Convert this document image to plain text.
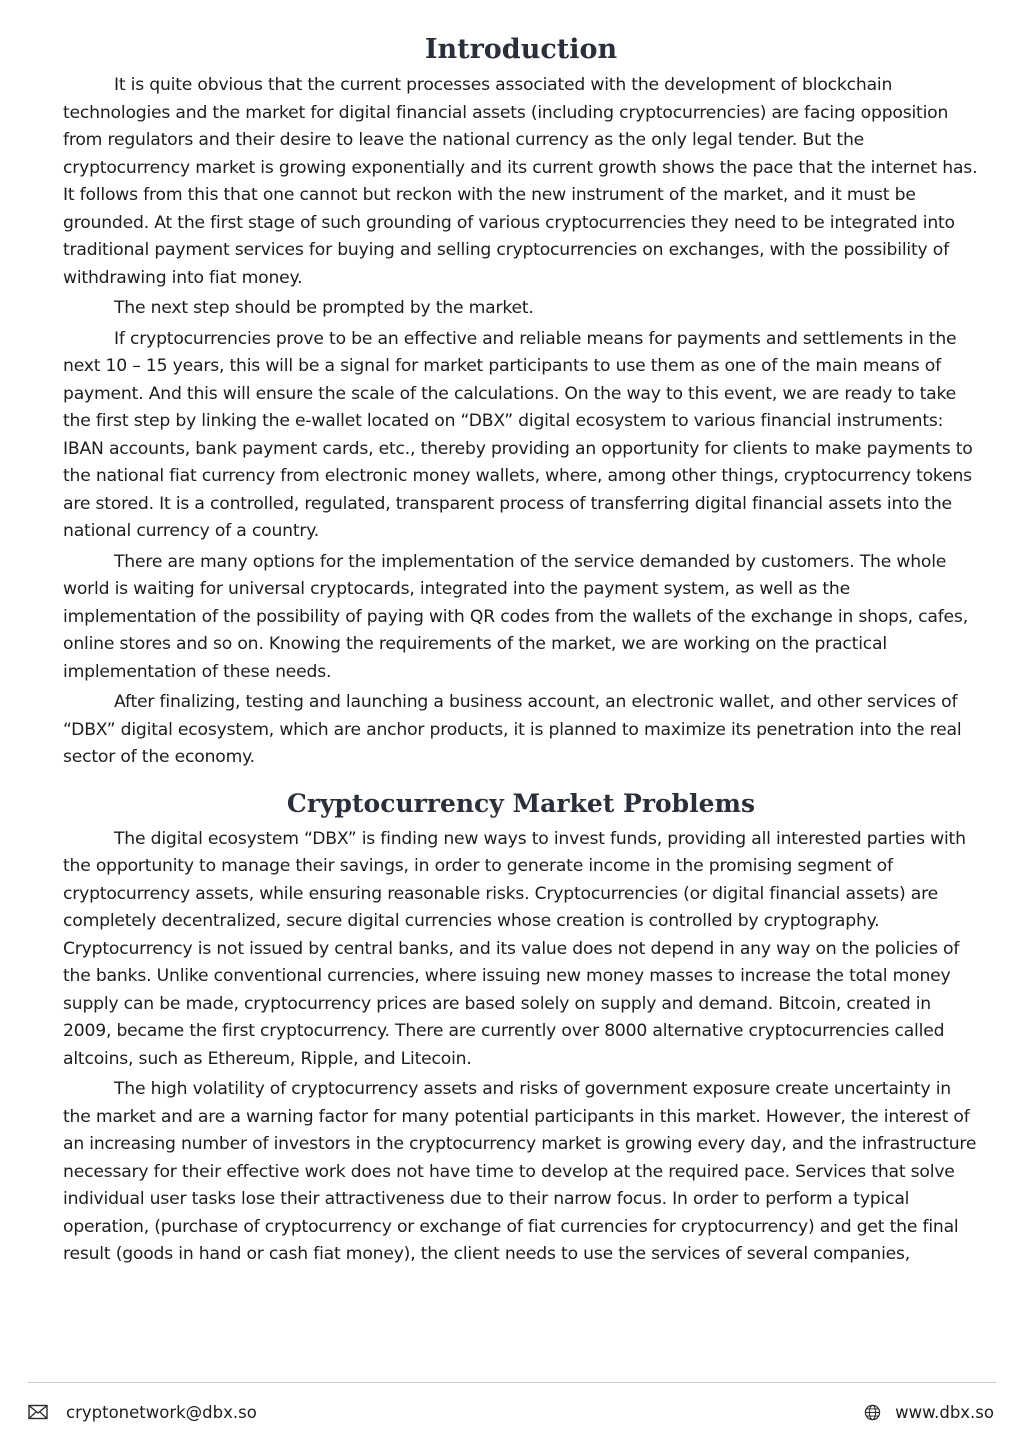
Introduction

It is quite obvious that the current processes associated with the development of blockchain technologies and the market for digital financial assets (including cryptocurrencies) are facing opposition from regulators and their desire to leave the national currency as the only legal tender. But the cryptocurrency market is growing exponentially and its current growth shows the pace that the internet has. It follows from this that one cannot but reckon with the new instrument of the market, and it must be grounded. At the first stage of such grounding of various cryptocurrencies they need to be integrated into traditional payment services for buying and selling cryptocurrencies on exchanges, with the possibility of withdrawing into fiat money.

The next step should be prompted by the market.

If cryptocurrencies prove to be an effective and reliable means for payments and settlements in the next 10 – 15 years, this will be a signal for market participants to use them as one of the main means of payment. And this will ensure the scale of the calculations. On the way to this event, we are ready to take the first step by linking the e-wallet located on “DBX” digital ecosystem to various financial instruments: IBAN accounts, bank payment cards, etc., thereby providing an opportunity for clients to make payments to the national fiat currency from electronic money wallets, where, among other things, cryptocurrency tokens are stored. It is a controlled, regulated, transparent process of transferring digital financial assets into the national currency of a country.

There are many options for the implementation of the service demanded by customers. The whole world is waiting for universal cryptocards, integrated into the payment system, as well as the implementation of the possibility of paying with QR codes from the wallets of the exchange in shops, cafes, online stores and so on. Knowing the requirements of the market, we are working on the practical implementation of these needs.

After finalizing, testing and launching a business account, an electronic wallet, and other services of “DBX” digital ecosystem, which are anchor products, it is planned to maximize its penetration into the real sector of the economy.

Cryptocurrency Market Problems

The digital ecosystem “DBX” is finding new ways to invest funds, providing all interested parties with the opportunity to manage their savings, in order to generate income in the promising segment of cryptocurrency assets, while ensuring reasonable risks. Cryptocurrencies (or digital financial assets) are completely decentralized, secure digital currencies whose creation is controlled by cryptography. Cryptocurrency is not issued by central banks, and its value does not depend in any way on the policies of the banks. Unlike conventional currencies, where issuing new money masses to increase the total money supply can be made, cryptocurrency prices are based solely on supply and demand. Bitcoin, created in 2009, became the first cryptocurrency. There are currently over 8000 alternative cryptocurrencies called altcoins, such as Ethereum, Ripple, and Litecoin.

The high volatility of cryptocurrency assets and risks of government exposure create uncertainty in the market and are a warning factor for many potential participants in this market. However, the interest of an increasing number of investors in the cryptocurrency market is growing every day, and the infrastructure necessary for their effective work does not have time to develop at the required pace. Services that solve individual user tasks lose their attractiveness due to their narrow focus. In order to perform a typical operation, (purchase of cryptocurrency or exchange of fiat currencies for cryptocurrency) and get the final result (goods in hand or cash fiat money), the client needs to use the services of several companies,

cryptonetwork@dbx.so	www.dbx.so
